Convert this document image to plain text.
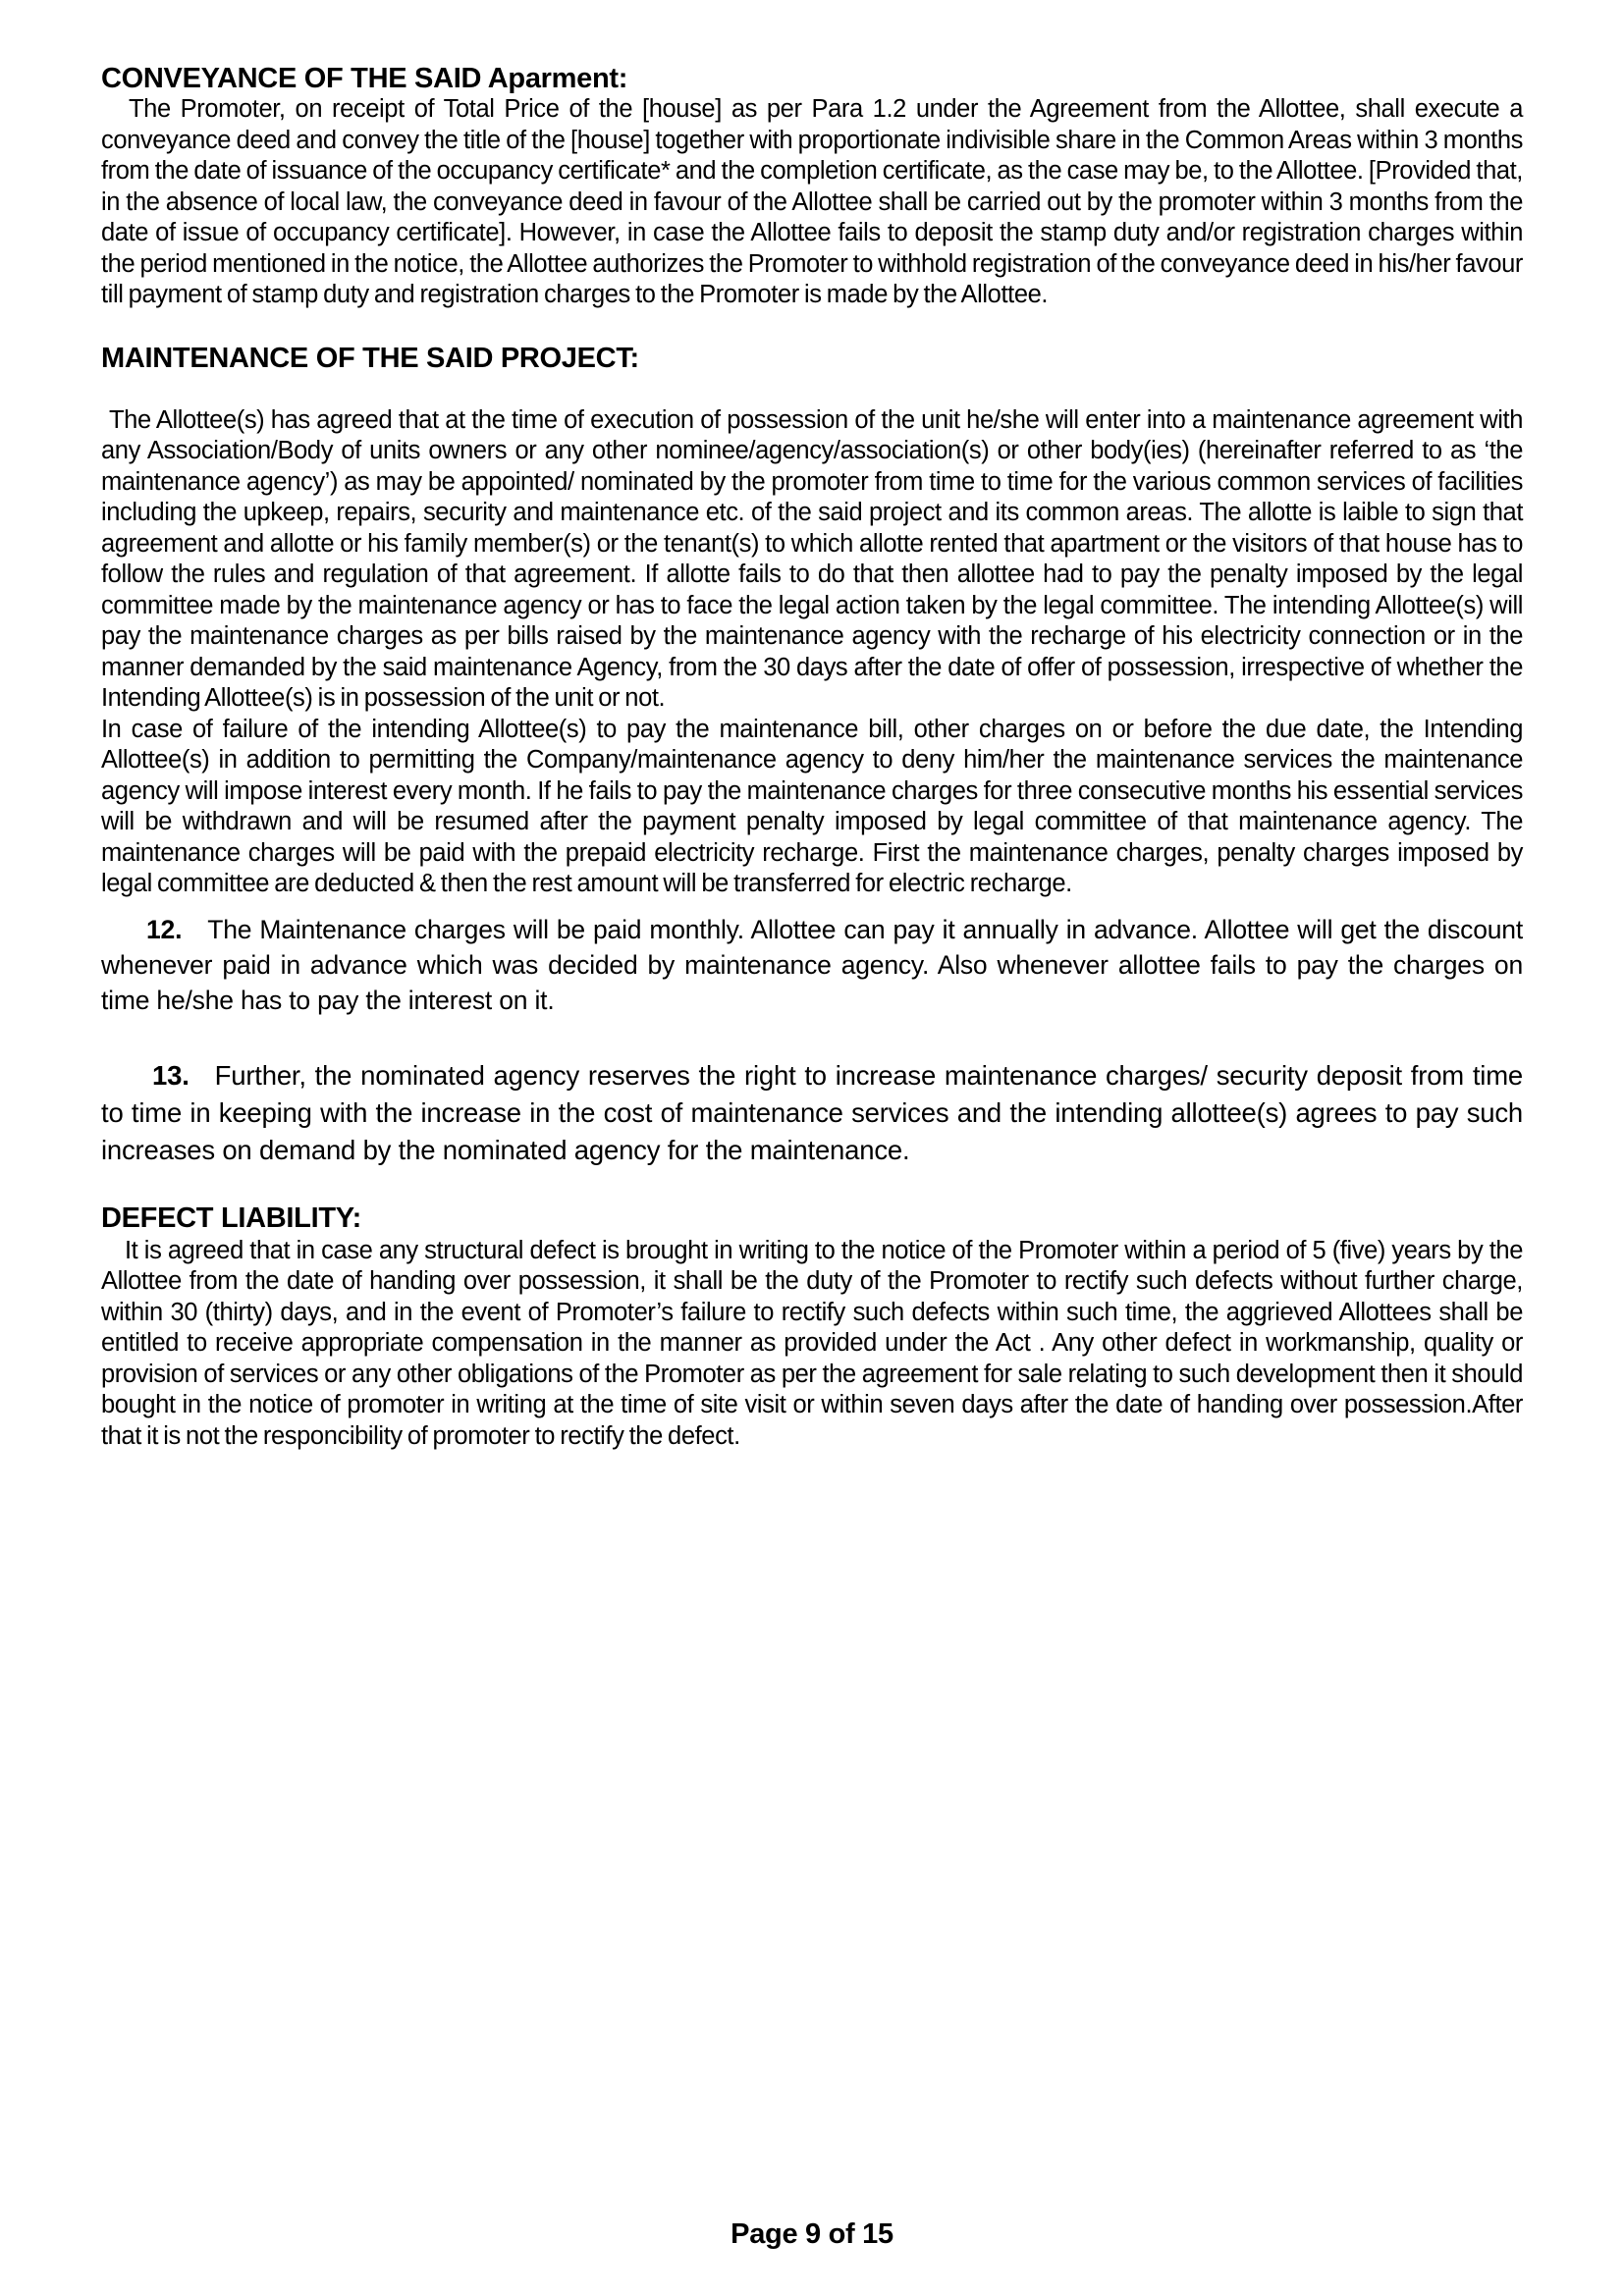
CONVEYANCE OF THE SAID Aparment:

The Promoter, on receipt of Total Price of the [house] as per Para 1.2 under the Agreement from the Allottee, shall execute a conveyance deed and convey the title of the [house] together with proportionate indivisible share in the Common Areas within 3 months from the date of issuance of the occupancy certificate* and the completion certificate, as the case may be, to the Allottee. [Provided that, in the absence of local law, the conveyance deed in favour of the Allottee shall be carried out by the promoter within 3 months from the date of issue of occupancy certificate]. However, in case the Allottee fails to deposit the stamp duty and/or registration charges within the period mentioned in the notice, the Allottee authorizes the Promoter to withhold registration of the conveyance deed in his/her favour till payment of stamp duty and registration charges to the Promoter is made by the Allottee.

MAINTENANCE OF THE SAID PROJECT:

The Allottee(s) has agreed that at the time of execution of possession of the unit he/she will enter into a maintenance agreement with any Association/Body of units owners or any other nominee/agency/association(s) or other body(ies) (hereinafter referred to as ‘the maintenance agency’) as may be appointed/ nominated by the promoter from time to time for the various common services of facilities including the upkeep, repairs, security and maintenance etc. of the said project and its common areas. The allotte is laible to sign that agreement and allotte or his family member(s) or the tenant(s) to which allotte rented that apartment or the visitors of that house has to follow the rules and regulation of that agreement. If allotte fails to do that then allottee had to pay the penalty imposed by the legal committee made by the maintenance agency or has to face the legal action taken by the legal committee. The intending Allottee(s) will pay the maintenance charges as per bills raised by the maintenance agency with the recharge of his electricity connection or in the manner demanded by the said maintenance Agency, from the 30 days after the date of offer of possession, irrespective of whether the Intending Allottee(s) is in possession of the unit or not.

In case of failure of the intending Allottee(s) to pay the maintenance bill, other charges on or before the due date, the Intending Allottee(s) in addition to permitting the Company/maintenance agency to deny him/her the maintenance services the maintenance agency will impose interest every month. If he fails to pay the maintenance charges for three consecutive months his essential services will be withdrawn and will be resumed after the payment penalty imposed by legal committee of that maintenance agency. The maintenance charges will be paid with the prepaid electricity recharge. First the maintenance charges, penalty charges imposed by legal committee are deducted & then the rest amount will be transferred for electric recharge.

12. The Maintenance charges will be paid monthly. Allottee can pay it annually in advance. Allottee will get the discount whenever paid in advance which was decided by maintenance agency. Also whenever allottee fails to pay the charges on time he/she has to pay the interest on it.

13. Further, the nominated agency reserves the right to increase maintenance charges/ security deposit from time to time in keeping with the increase in the cost of maintenance services and the intending allottee(s) agrees to pay such increases on demand by the nominated agency for the maintenance.

DEFECT LIABILITY:

It is agreed that in case any structural defect is brought in writing to the notice of the Promoter within a period of 5 (five) years by the Allottee from the date of handing over possession, it shall be the duty of the Promoter to rectify such defects without further charge, within 30 (thirty) days, and in the event of Promoter’s failure to rectify such defects within such time, the aggrieved Allottees shall be entitled to receive appropriate compensation in the manner as provided under the Act . Any other defect in workmanship, quality or provision of services or any other obligations of the Promoter as per the agreement for sale relating to such development then it should bought in the notice of promoter in writing at the time of site visit or within seven days after the date of handing over possession.After that it is not the responcibility of promoter to rectify the defect.

Page 9 of 15
